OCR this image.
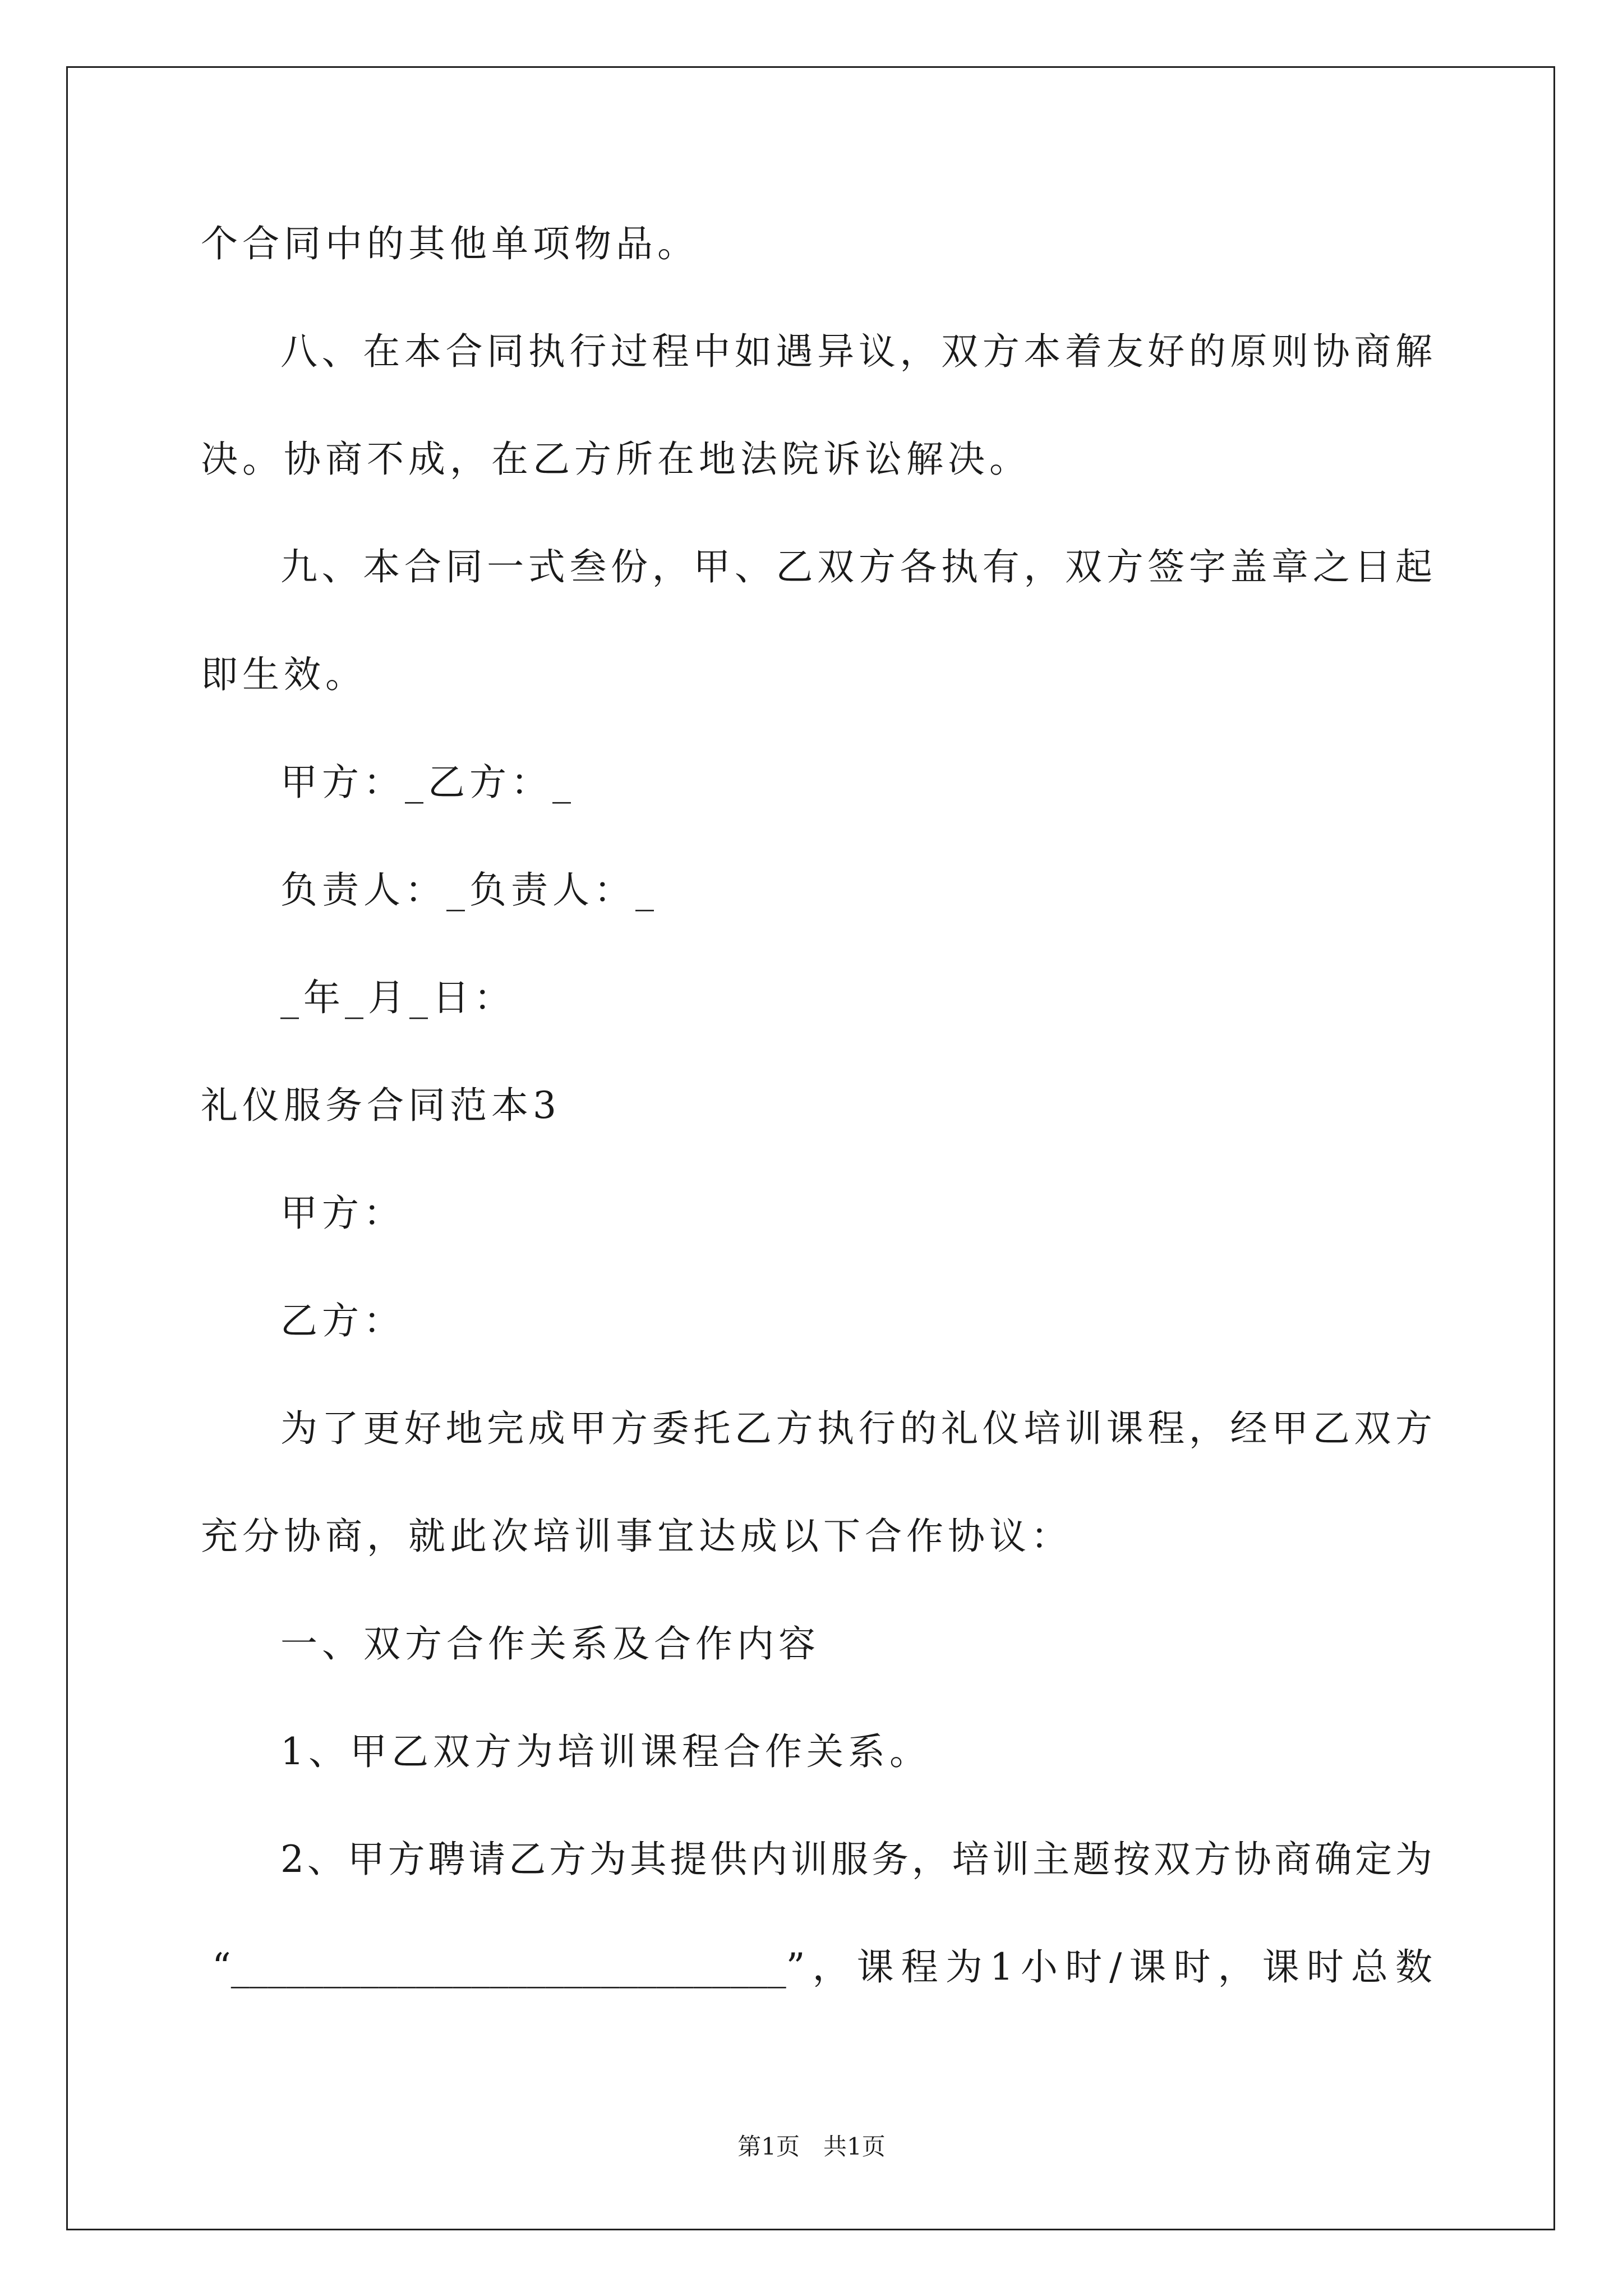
个合同中的其他单项物品。
八、在本合同执行过程中如遇异议，双方本着友好的原则协商解
决。协商不成，在乙方所在地法院诉讼解决。
九、本合同一式叁份，甲、乙双方各执有，双方签字盖章之日起
即生效。
甲方：_乙方：_
负责人：_负责人：_
_年_月_日：
礼仪服务合同范本3
甲方：
乙方：
为了更好地完成甲方委托乙方执行的礼仪培训课程，经甲乙双方
充分协商，就此次培训事宜达成以下合作协议：
一、双方合作关系及合作内容
1、甲乙双方为培训课程合作关系。
2、甲方聘请乙方为其提供内训服务，培训主题按双方协商确定为
“______________________________”，课程为1小时/课时，课时总数
第1页　共1页
